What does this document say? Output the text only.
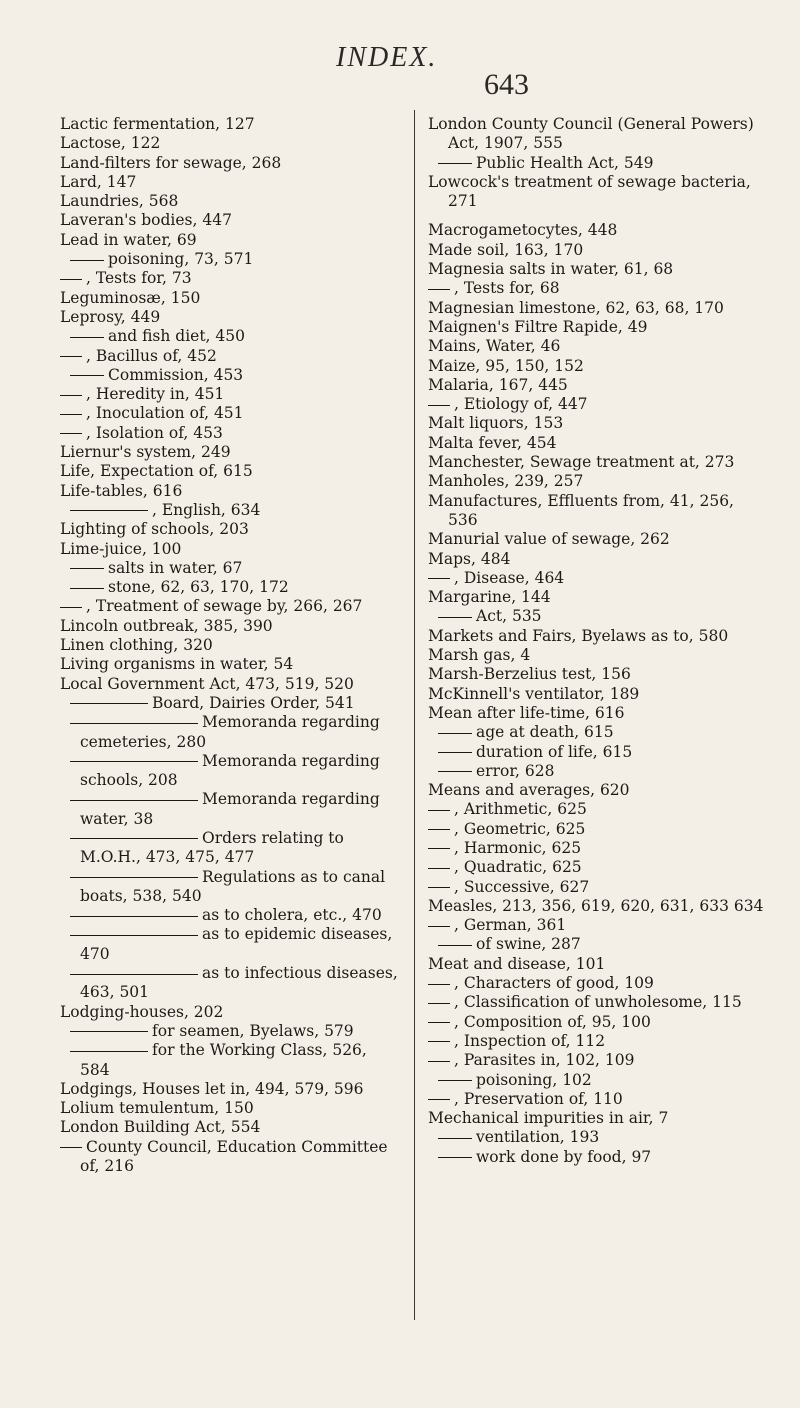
INDEX.
643
Lactic fermentation, 127
Lactose, 122
Land-filters for sewage, 268
Lard, 147
Laundries, 568
Laveran's bodies, 447
Lead in water, 69
poisoning, 73, 571
, Tests for, 73
Leguminosæ, 150
Leprosy, 449
and fish diet, 450
, Bacillus of, 452
Commission, 453
, Heredity in, 451
, Inoculation of, 451
, Isolation of, 453
Liernur's system, 249
Life, Expectation of, 615
Life-tables, 616
, English, 634
Lighting of schools, 203
Lime-juice, 100
salts in water, 67
stone, 62, 63, 170, 172
, Treatment of sewage by, 266, 267
Lincoln outbreak, 385, 390
Linen clothing, 320
Living organisms in water, 54
Local Government Act, 473, 519, 520
Board, Dairies Order, 541
Memoranda regarding cemeteries, 280
Memoranda regarding schools, 208
Memoranda regarding water, 38
Orders relating to M.O.H., 473, 475, 477
Regulations as to canal boats, 538, 540
as to cholera, etc., 470
as to epidemic diseases, 470
as to infectious diseases, 463, 501
Lodging-houses, 202
for seamen, Byelaws, 579
for the Working Class, 526, 584
Lodgings, Houses let in, 494, 579, 596
Lolium temulentum, 150
London Building Act, 554
County Council, Education Committee of, 216
London County Council (General Powers) Act, 1907, 555
Public Health Act, 549
Lowcock's treatment of sewage bacteria, 271
Macrogametocytes, 448
Made soil, 163, 170
Magnesia salts in water, 61, 68
, Tests for, 68
Magnesian limestone, 62, 63, 68, 170
Maignen's Filtre Rapide, 49
Mains, Water, 46
Maize, 95, 150, 152
Malaria, 167, 445
, Etiology of, 447
Malt liquors, 153
Malta fever, 454
Manchester, Sewage treatment at, 273
Manholes, 239, 257
Manufactures, Effluents from, 41, 256, 536
Manurial value of sewage, 262
Maps, 484
, Disease, 464
Margarine, 144
Act, 535
Markets and Fairs, Byelaws as to, 580
Marsh gas, 4
Marsh-Berzelius test, 156
McKinnell's ventilator, 189
Mean after life-time, 616
age at death, 615
duration of life, 615
error, 628
Means and averages, 620
, Arithmetic, 625
, Geometric, 625
, Harmonic, 625
, Quadratic, 625
, Successive, 627
Measles, 213, 356, 619, 620, 631, 633 634
, German, 361
of swine, 287
Meat and disease, 101
, Characters of good, 109
, Classification of unwholesome, 115
, Composition of, 95, 100
, Inspection of, 112
, Parasites in, 102, 109
poisoning, 102
, Preservation of, 110
Mechanical impurities in air, 7
ventilation, 193
work done by food, 97
